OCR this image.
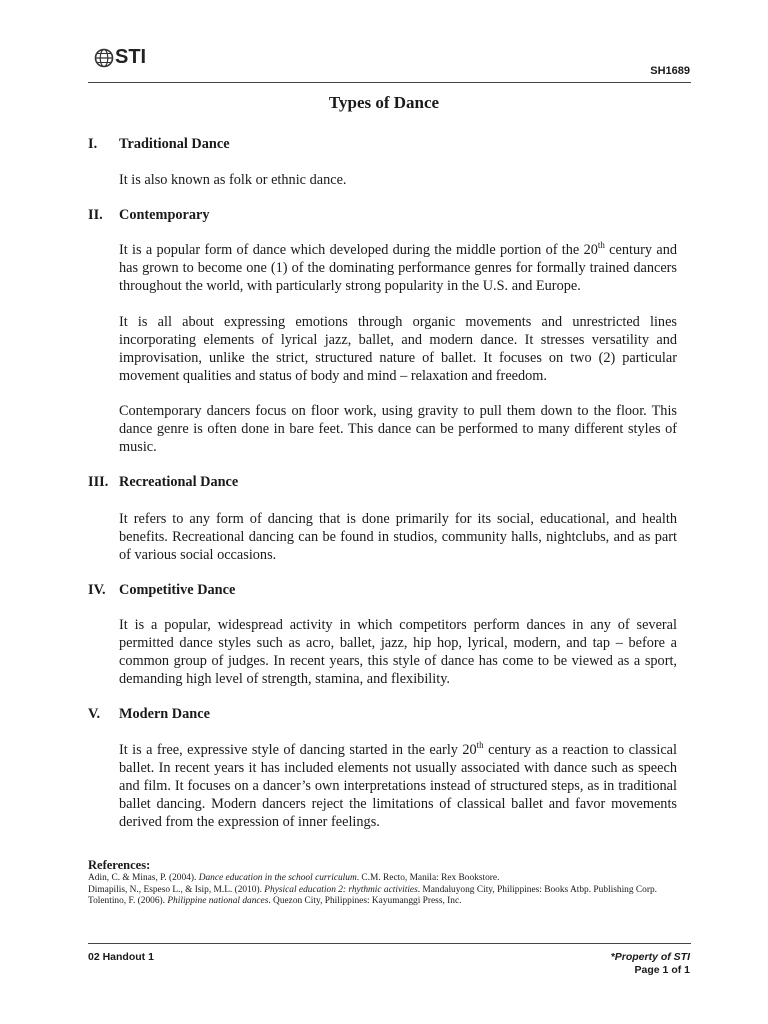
STI
SH1689
Types of Dance
I.	Traditional Dance
It is also known as folk or ethnic dance.
II.	Contemporary
It is a popular form of dance which developed during the middle portion of the 20th century and has grown to become one (1) of the dominating performance genres for formally trained dancers throughout the world, with particularly strong popularity in the U.S. and Europe.
It is all about expressing emotions through organic movements and unrestricted lines incorporating elements of lyrical jazz, ballet, and modern dance. It stresses versatility and improvisation, unlike the strict, structured nature of ballet. It focuses on two (2) particular movement qualities and status of body and mind – relaxation and freedom.
Contemporary dancers focus on floor work, using gravity to pull them down to the floor. This dance genre is often done in bare feet. This dance can be performed to many different styles of music.
III. Recreational Dance
It refers to any form of dancing that is done primarily for its social, educational, and health benefits. Recreational dancing can be found in studios, community halls, nightclubs, and as part of various social occasions.
IV. Competitive Dance
It is a popular, widespread activity in which competitors perform dances in any of several permitted dance styles such as acro, ballet, jazz, hip hop, lyrical, modern, and tap – before a common group of judges. In recent years, this style of dance has come to be viewed as a sport, demanding high level of strength, stamina, and flexibility.
V.	Modern Dance
It is a free, expressive style of dancing started in the early 20th century as a reaction to classical ballet. In recent years it has included elements not usually associated with dance such as speech and film. It focuses on a dancer’s own interpretations instead of structured steps, as in traditional ballet dancing. Modern dancers reject the limitations of classical ballet and favor movements derived from the expression of inner feelings.
References:
Adin, C. & Minas, P. (2004). Dance education in the school curriculum. C.M. Recto, Manila: Rex Bookstore.
Dimapilis, N., Espeso L., & Isip, M.L. (2010). Physical education 2: rhythmic activities. Mandaluyong City, Philippines: Books Atbp. Publishing Corp.
Tolentino, F. (2006). Philippine national dances. Quezon City, Philippines: Kayumanggi Press, Inc.
02 Handout 1	*Property of STI
Page 1 of 1
